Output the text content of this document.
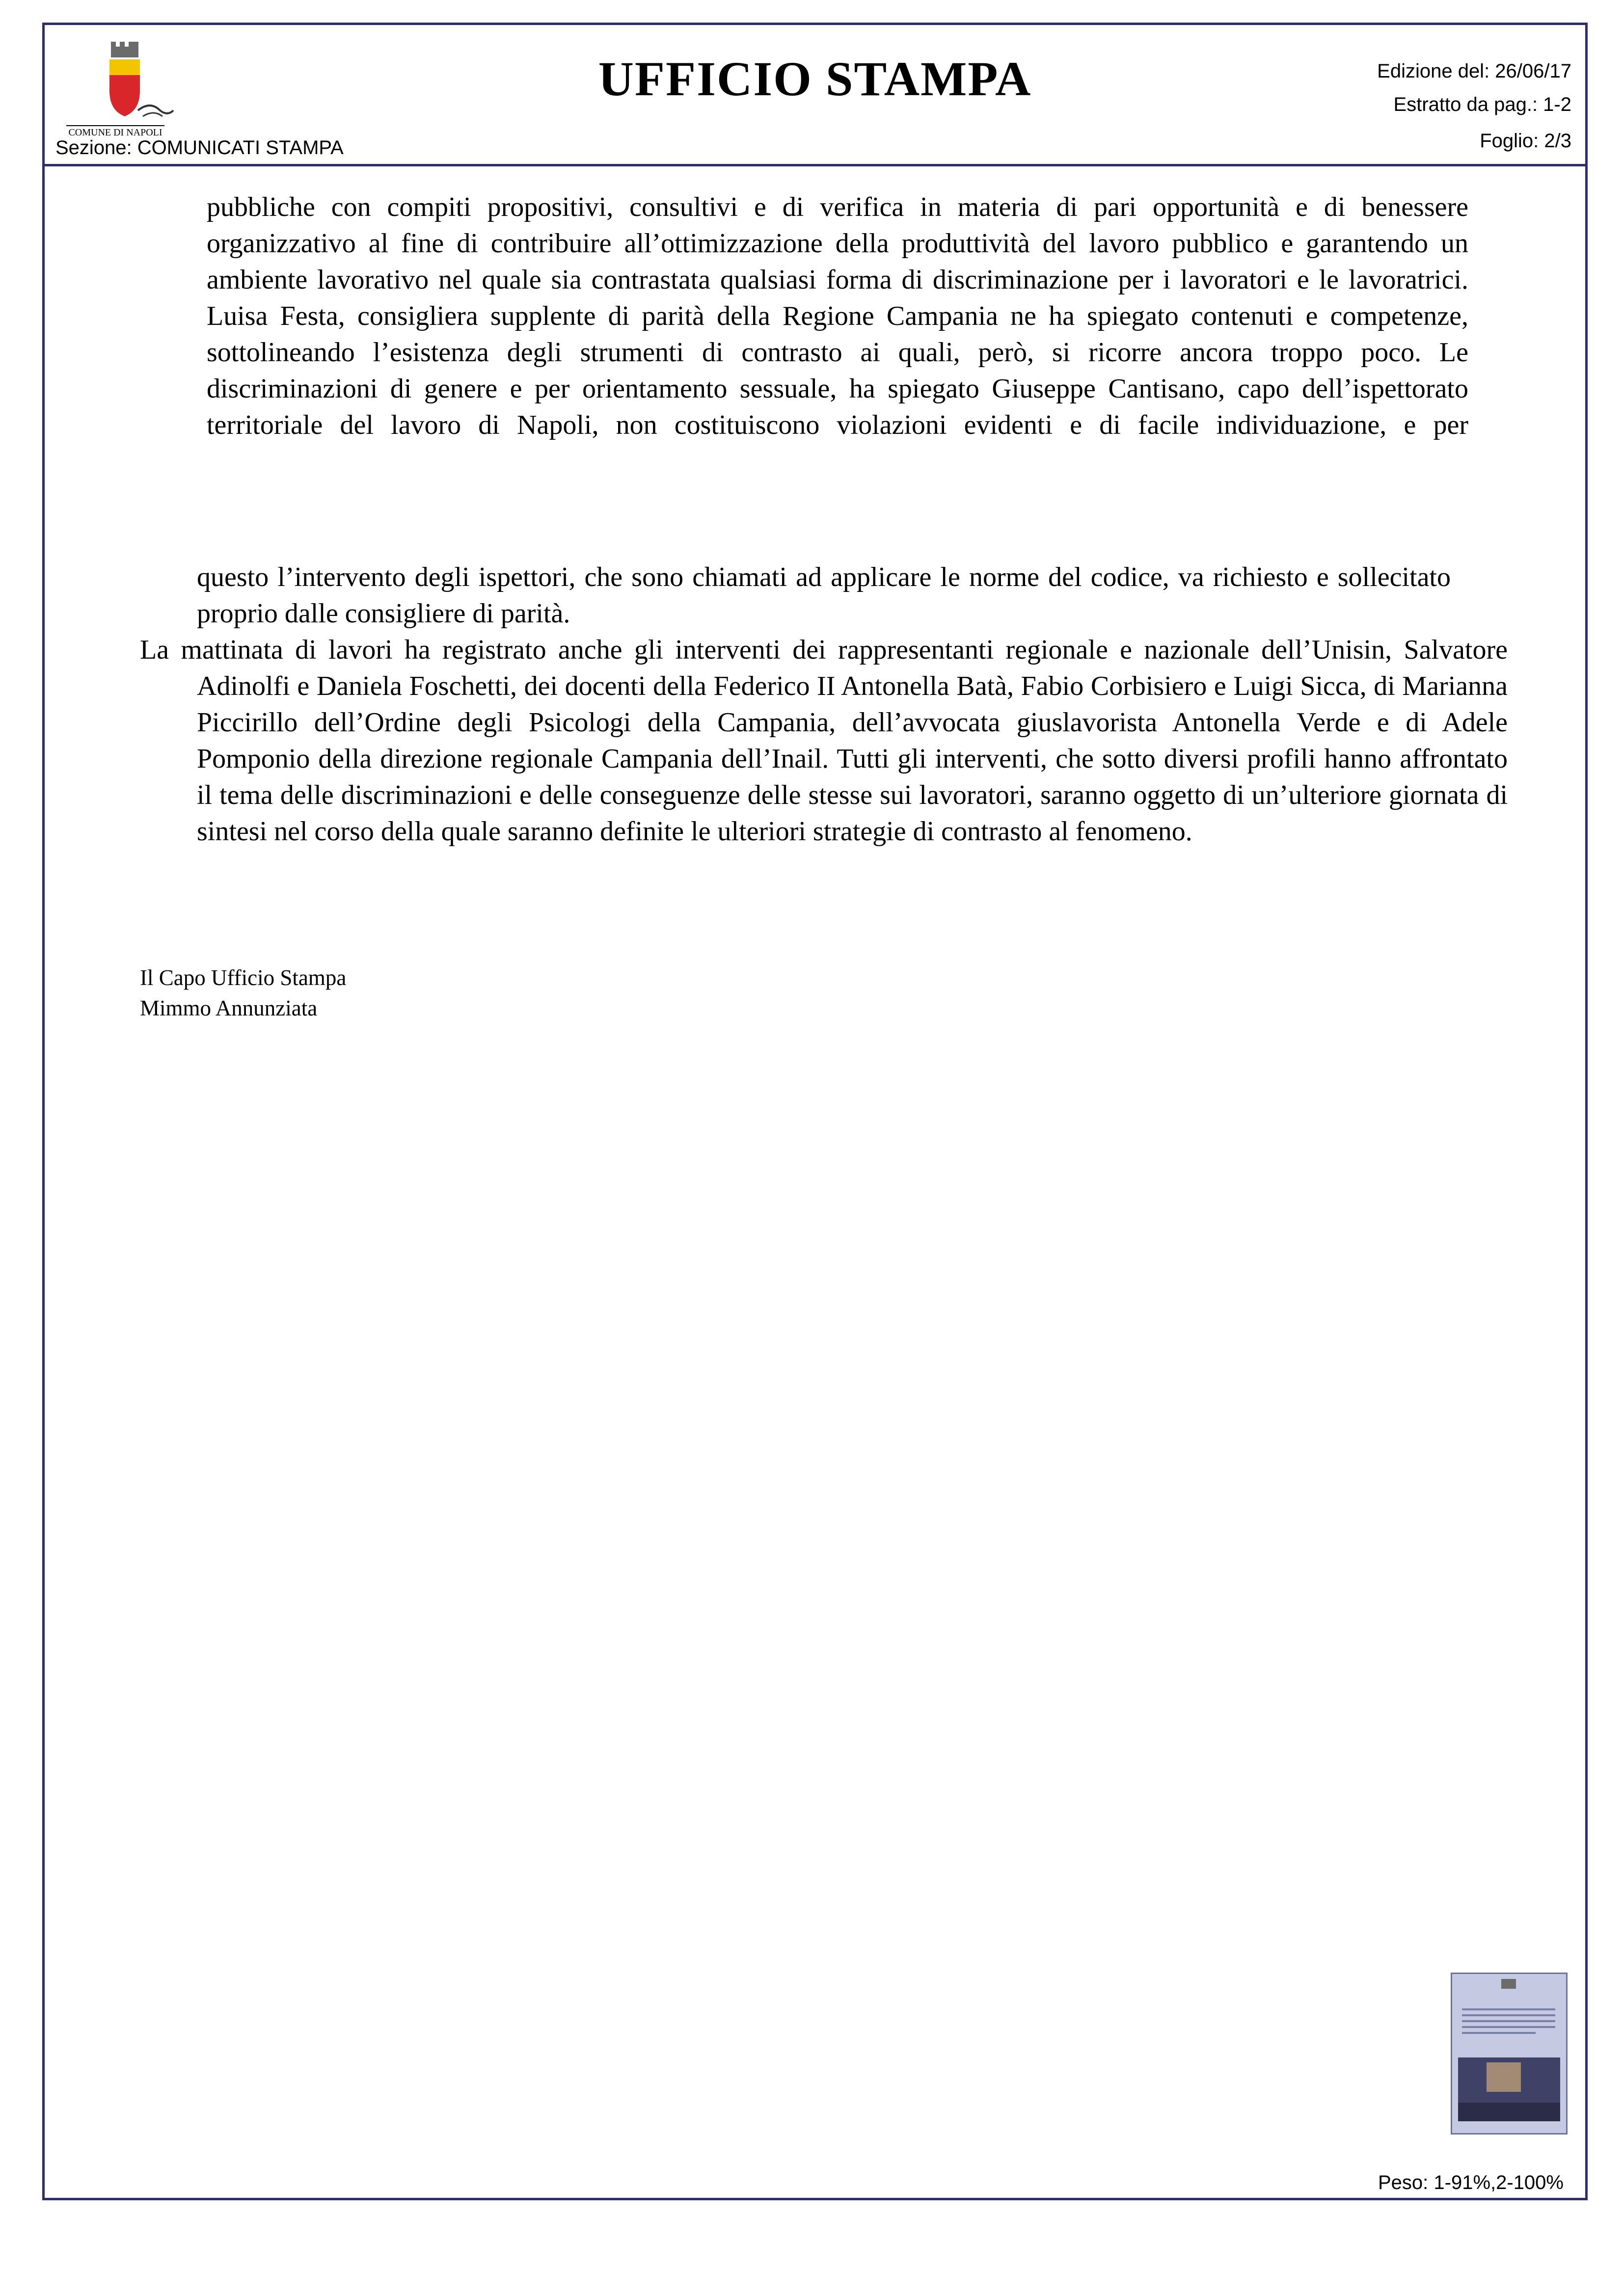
COMUNE DI NAPOLI
UFFICIO STAMPA	Edizione del: 26/06/17
Estratto da pag.: 1-2
Foglio: 2/3
Sezione: COMUNICATI STAMPA

pubbliche con compiti propositivi, consultivi e di verifica in materia di pari opportunità e di benessere organizzativo al fine di contribuire all’ottimizzazione della produttività del lavoro pubblico e garantendo un ambiente lavorativo nel quale sia contrastata qualsiasi forma di discriminazione per i lavoratori e le lavoratrici. Luisa Festa, consigliera supplente di parità della Regione Campania ne ha spiegato contenuti e competenze, sottolineando l’esistenza degli strumenti di contrasto ai quali, però, si ricorre ancora troppo poco. Le discriminazioni di genere e per orientamento sessuale, ha spiegato Giuseppe Cantisano, capo dell’ispettorato territoriale del lavoro di Napoli, non costituiscono violazioni evidenti e di facile individuazione, e per

questo l’intervento degli ispettori, che sono chiamati ad applicare le norme del codice, va richiesto e sollecitato proprio dalle consigliere di parità.

La mattinata di lavori ha registrato anche gli interventi dei rappresentanti regionale e nazionale dell’Unisin, Salvatore Adinolfi e Daniela Foschetti, dei docenti della Federico II Antonella Batà, Fabio Corbisiero e Luigi Sicca, di Marianna Piccirillo dell’Ordine degli Psicologi della Campania, dell’avvocata giuslavorista Antonella Verde e di Adele Pomponio della direzione regionale Campania dell’Inail. Tutti gli interventi, che sotto diversi profili hanno affrontato il tema delle discriminazioni e delle conseguenze delle stesse sui lavoratori, saranno oggetto di un’ulteriore giornata di sintesi nel corso della quale saranno definite le ulteriori strategie di contrasto al fenomeno.

Il Capo Ufficio Stampa
Mimmo Annunziata
Peso: 1-91%,2-100%
